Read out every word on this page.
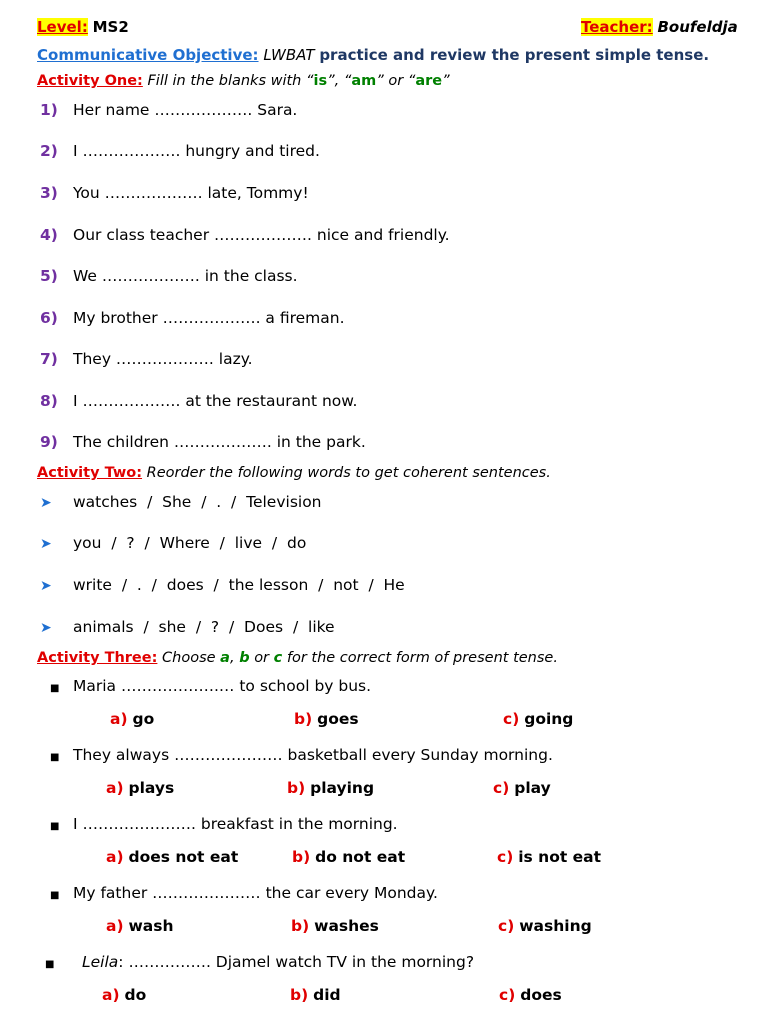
Level: MS2	Teacher: Boufeldja
Communicative Objective: LWBAT practice and review the present simple tense.
Activity One: Fill in the blanks with “is”, “am” or “are”
1) Her name ………………. Sara.
2) I ………………. hungry and tired.
3) You ………………. late, Tommy!
4) Our class teacher ………………. nice and friendly.
5) We ………………. in the class.
6) My brother ………………. a fireman.
7) They ………………. lazy.
8) I ………………. at the restaurant now.
9) The children ………………. in the park.
Activity Two: Reorder the following words to get coherent sentences.
➤ watches  /  She  /  .  /  Television
➤ you  /  ?  /  Where  /  live  /  do
➤ write  /  .  /  does  /  the lesson  /  not  /  He
➤ animals  /  she  /  ?  /  Does  /  like
Activity Three: Choose a, b or c for the correct form of present tense.
■ Maria ……………….… to school by bus.
a) go	b) goes	c) going
■ They always ………………… basketball every Sunday morning.
a) plays	b) playing	c) play
■ I …………………. breakfast in the morning.
a) does not eat	b) do not eat	c) is not eat
■ My father ………………… the car every Monday.
a) wash	b) washes	c) washing
■ Leila: ……………. Djamel watch TV in the morning?
a) do	b) did	c) does
